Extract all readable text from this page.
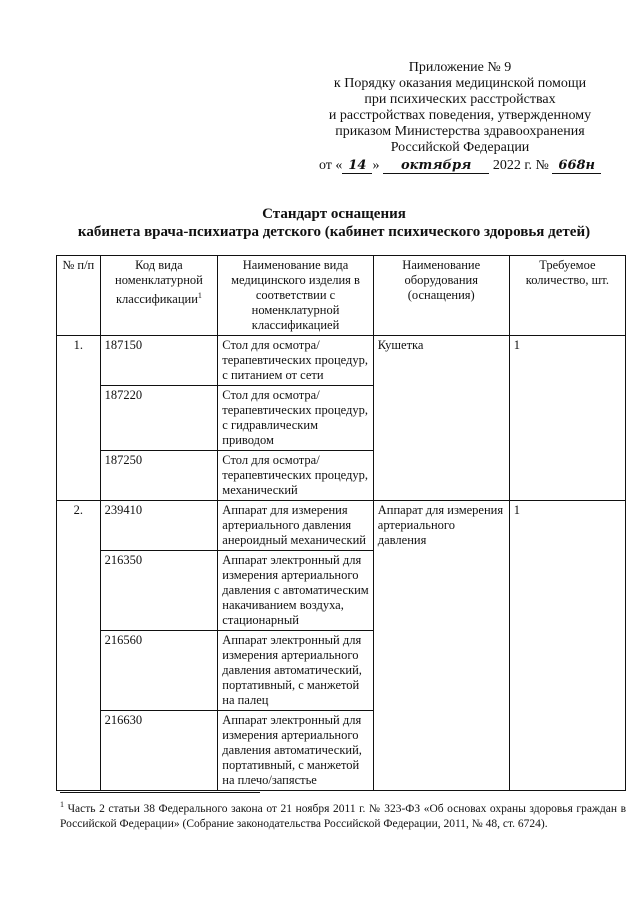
Приложение № 9
к Порядку оказания медицинской помощи
при психических расстройствах
и расстройствах поведения, утвержденному
приказом Министерства здравоохранения
Российской Федерации
от « 14 » октября 2022 г. № 668н
Стандарт оснащения
кабинета врача-психиатра детского (кабинет психического здоровья детей)
№ п/п	Код вида номенклатурной классификации$^1$	Наименование вида медицинского изделия в соответствии с номенклатурной классификацией	Наименование оборудования (оснащения)	Требуемое количество, шт.
1.	187150	Стол для осмотра/терапевтических процедур, с питанием от сети	Кушетка	1
	187220	Стол для осмотра/терапевтических процедур, с гидравлическим приводом		
	187250	Стол для осмотра/терапевтических процедур, механический		
2.	239410	Аппарат для измерения артериального давления анероидный механический	Аппарат для измерения артериального давления	1
	216350	Аппарат электронный для измерения артериального давления с автоматическим накачиванием воздуха, стационарный		
	216560	Аппарат электронный для измерения артериального давления автоматический, портативный, с манжетой на палец		
	216630	Аппарат электронный для измерения артериального давления автоматический, портативный, с манжетой на плечо/запястье		
$^1$ Часть 2 статьи 38 Федерального закона от 21 ноября 2011 г. № 323-ФЗ «Об основах охраны здоровья граждан в Российской Федерации» (Собрание законодательства Российской Федерации, 2011, № 48, ст. 6724).
